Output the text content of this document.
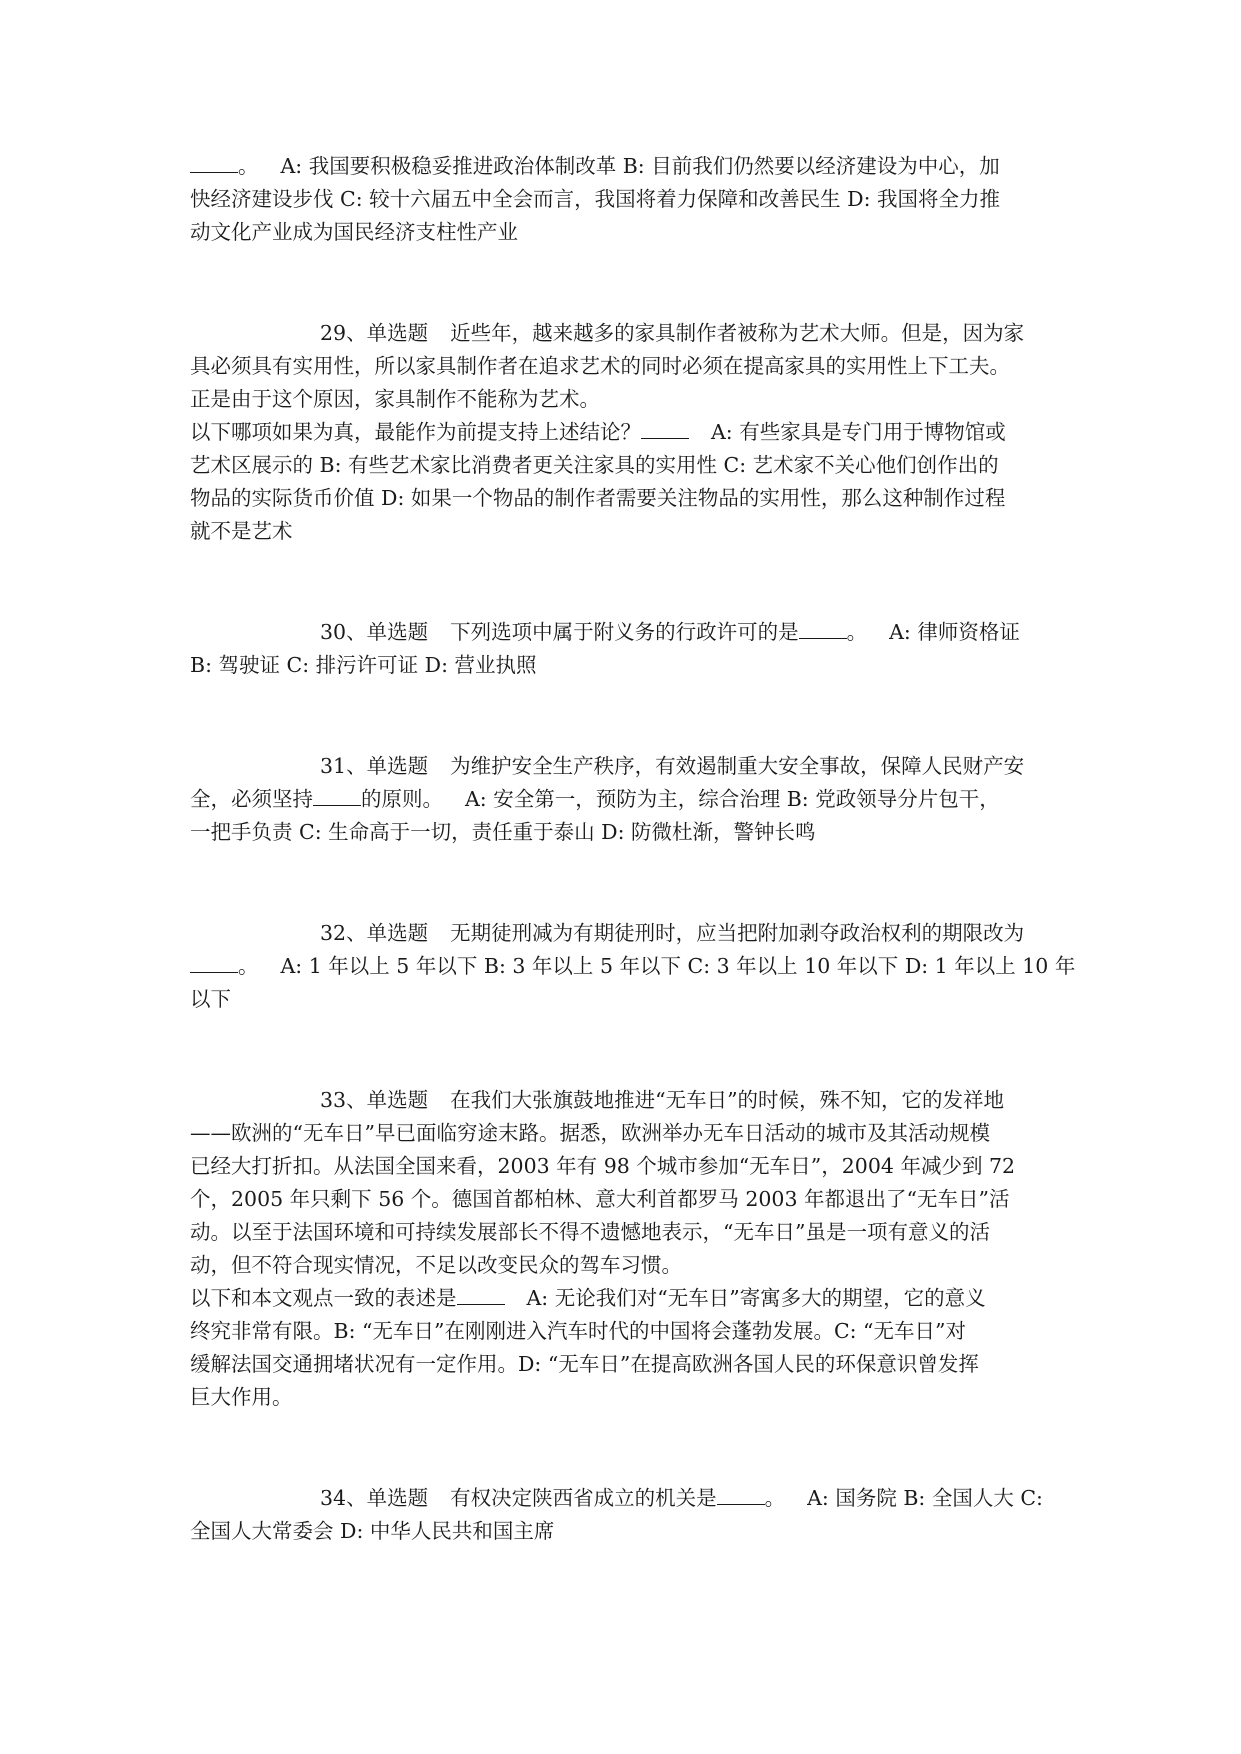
。 A: 我国要积极稳妥推进政治体制改革 B: 目前我们仍然要以经济建设为中心，加
快经济建设步伐 C: 较十六届五中全会而言，我国将着力保障和改善民生 D: 我国将全力推
动文化产业成为国民经济支柱性产业
29、单选题 近些年，越来越多的家具制作者被称为艺术大师。但是，因为家
具必须具有实用性，所以家具制作者在追求艺术的同时必须在提高家具的实用性上下工夫。
正是由于这个原因，家具制作不能称为艺术。
以下哪项如果为真，最能作为前提支持上述结论？	A: 有些家具是专门用于博物馆或
艺术区展示的 B: 有些艺术家比消费者更关注家具的实用性 C: 艺术家不关心他们创作出的
物品的实际货币价值 D: 如果一个物品的制作者需要关注物品的实用性，那么这种制作过程
就不是艺术
30、单选题 下列选项中属于附义务的行政许可的是 。 A: 律师资格证
B: 驾驶证 C: 排污许可证 D: 营业执照
31、单选题 为维护安全生产秩序，有效遏制重大安全事故，保障人民财产安
全，必须坚持 的原则。 A: 安全第一，预防为主，综合治理 B: 党政领导分片包干，
一把手负责 C: 生命高于一切，责任重于泰山 D: 防微杜渐，警钟长鸣
32、单选题 无期徒刑减为有期徒刑时，应当把附加剥夺政治权利的期限改为
。 A: 1 年以上 5 年以下 B: 3 年以上 5 年以下 C: 3 年以上 10 年以下 D: 1 年以上 10 年
以下
33、单选题 在我们大张旗鼓地推进“无车日”的时候，殊不知，它的发祥地
——欧洲的“无车日”早已面临穷途末路。据悉，欧洲举办无车日活动的城市及其活动规模
已经大打折扣。从法国全国来看，2003 年有 98 个城市参加“无车日”，2004 年减少到 72
个，2005 年只剩下 56 个。德国首都柏林、意大利首都罗马 2003 年都退出了“无车日”活
动。以至于法国环境和可持续发展部长不得不遗憾地表示，“无车日”虽是一项有意义的活
动，但不符合现实情况，不足以改变民众的驾车习惯。
以下和本文观点一致的表述是	A: 无论我们对“无车日”寄寓多大的期望，它的意义
终究非常有限。B: “无车日”在刚刚进入汽车时代的中国将会蓬勃发展。C: “无车日”对
缓解法国交通拥堵状况有一定作用。D: “无车日”在提高欧洲各国人民的环保意识曾发挥
巨大作用。
34、单选题 有权决定陕西省成立的机关是 。 A: 国务院 B: 全国人大 C:
全国人大常委会 D: 中华人民共和国主席
